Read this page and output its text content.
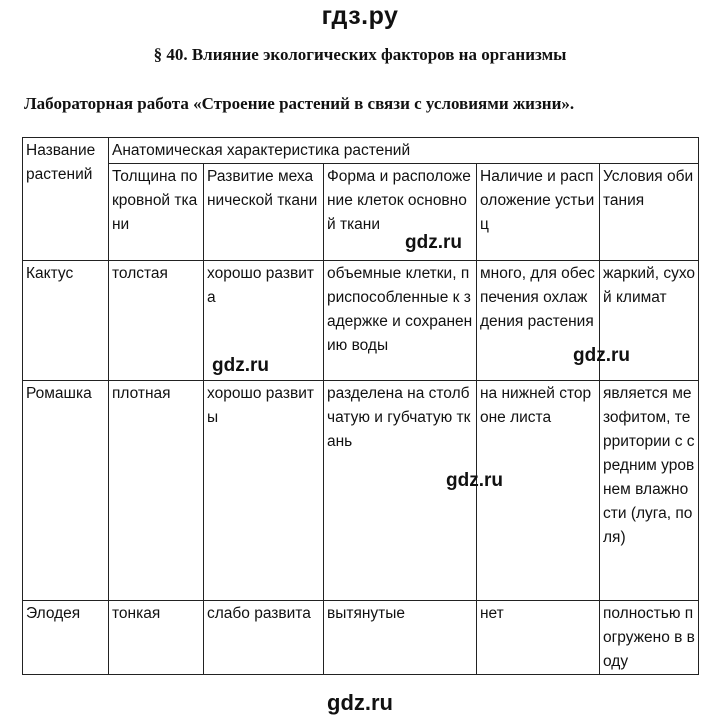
гдз.ру
§ 40. Влияние экологических факторов на организмы
Лабораторная работа «Строение растений в связи с условиями жизни».
Название растений	Анатомическая характеристика растений				
	Толщина покровной ткани	Развитие механической ткани	Форма и расположение клеток основной ткани	Наличие и расположение устьиц	Условия обитания
Кактус	толстая	хорошо развита	объемные клетки, приспособленные к задержке и сохранению воды	много, для обеспечения охлаждения растения	жаркий, сухой климат
Ромашка	плотная	хорошо развиты	разделена на столбчатую и губчатую ткань	на нижней стороне листа	является мезофитом, территории с средним уровнем влажности (луга, поля)
Элодея	тонкая	слабо развита	вытянутые	нет	полностью погружено в воду
gdz.ru
gdz.ru	gdz.ru
gdz.ru
gdz.ru
